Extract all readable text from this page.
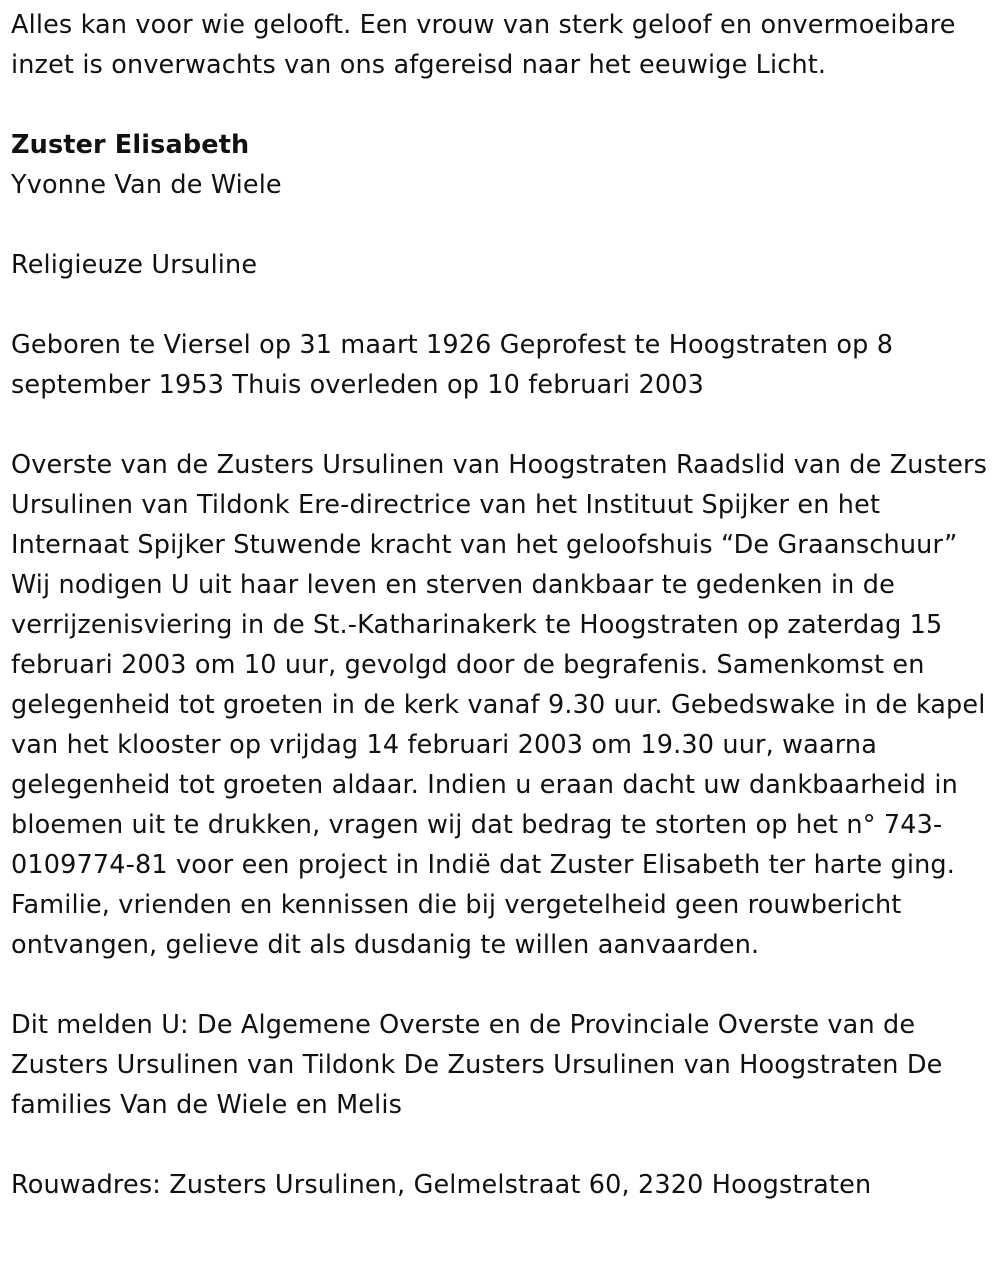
Alles kan voor wie gelooft. Een vrouw van sterk geloof en onvermoeibare inzet is onverwachts van ons afgereisd naar het eeuwige Licht.

Zuster Elisabeth

Yvonne Van de Wiele

Religieuze Ursuline

Geboren te Viersel op 31 maart 1926 Geprofest te Hoogstraten op 8 september 1953 Thuis overleden op 10 februari 2003

Overste van de Zusters Ursulinen van Hoogstraten Raadslid van de Zusters Ursulinen van Tildonk Ere-directrice van het Instituut Spijker en het Internaat Spijker Stuwende kracht van het geloofshuis “De Graanschuur” Wij nodigen U uit haar leven en sterven dankbaar te gedenken in de verrijzenisviering in de St.-Katharinakerk te Hoogstraten op zaterdag 15 februari 2003 om 10 uur, gevolgd door de begrafenis. Samenkomst en gelegenheid tot groeten in de kerk vanaf 9.30 uur. Gebedswake in de kapel van het klooster op vrijdag 14 februari 2003 om 19.30 uur, waarna gelegenheid tot groeten aldaar. Indien u eraan dacht uw dankbaarheid in bloemen uit te drukken, vragen wij dat bedrag te storten op het n° 743-0109774-81 voor een project in Indië dat Zuster Elisabeth ter harte ging. Familie, vrienden en kennissen die bij vergetelheid geen rouwbericht ontvangen, gelieve dit als dusdanig te willen aanvaarden.

Dit melden U: De Algemene Overste en de Provinciale Overste van de Zusters Ursulinen van Tildonk De Zusters Ursulinen van Hoogstraten De families Van de Wiele en Melis

Rouwadres: Zusters Ursulinen, Gelmelstraat 60, 2320 Hoogstraten
